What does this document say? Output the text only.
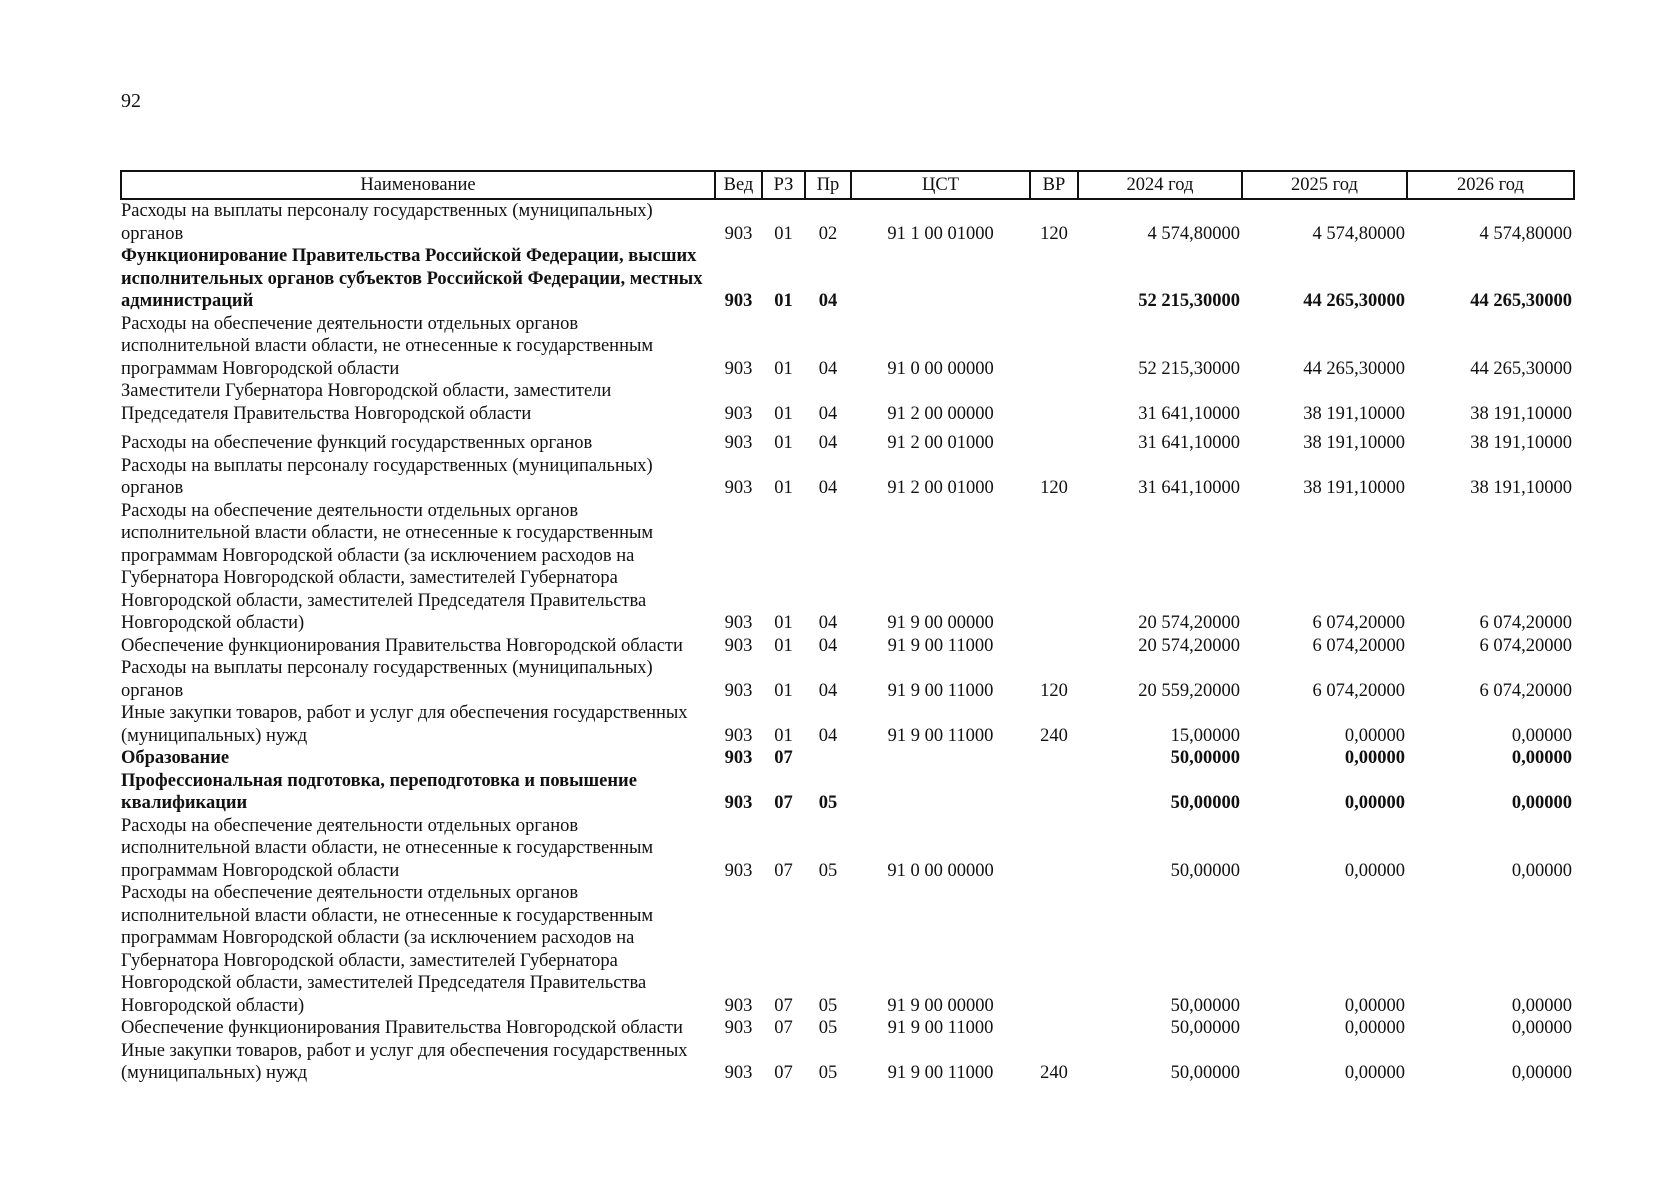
92
Наименование	Вед	РЗ	Пр	ЦСТ	ВР	2024 год	2025 год	2026 год
Расходы на выплаты персоналу государственных (муниципальных) органов	903	01	02	91 1 00 01000	120	4 574,80000	4 574,80000	4 574,80000
Функционирование Правительства Российской Федерации, высших исполнительных органов субъектов Российской Федерации, местных администраций	903	01	04			52 215,30000	44 265,30000	44 265,30000
Расходы на обеспечение деятельности отдельных органов исполнительной власти области, не отнесенные к государственным программам Новгородской области	903	01	04	91 0 00 00000		52 215,30000	44 265,30000	44 265,30000
Заместители Губернатора Новгородской области, заместители Председателя Правительства Новгородской области	903	01	04	91 2 00 00000		31 641,10000	38 191,10000	38 191,10000
Расходы на обеспечение функций государственных органов	903	01	04	91 2 00 01000		31 641,10000	38 191,10000	38 191,10000
Расходы на выплаты персоналу государственных (муниципальных) органов	903	01	04	91 2 00 01000	120	31 641,10000	38 191,10000	38 191,10000
Расходы на обеспечение деятельности отдельных органов исполнительной власти области, не отнесенные к государственным программам Новгородской области (за исключением расходов на Губернатора Новгородской области, заместителей Губернатора Новгородской области, заместителей Председателя Правительства Новгородской области)	903	01	04	91 9 00 00000		20 574,20000	6 074,20000	6 074,20000
Обеспечение функционирования Правительства Новгородской области	903	01	04	91 9 00 11000		20 574,20000	6 074,20000	6 074,20000
Расходы на выплаты персоналу государственных (муниципальных) органов	903	01	04	91 9 00 11000	120	20 559,20000	6 074,20000	6 074,20000
Иные закупки товаров, работ и услуг для обеспечения государственных (муниципальных) нужд	903	01	04	91 9 00 11000	240	15,00000	0,00000	0,00000
Образование	903	07				50,00000	0,00000	0,00000
Профессиональная подготовка, переподготовка и повышение квалификации	903	07	05			50,00000	0,00000	0,00000
Расходы на обеспечение деятельности отдельных органов исполнительной власти области, не отнесенные к государственным программам Новгородской области	903	07	05	91 0 00 00000		50,00000	0,00000	0,00000
Расходы на обеспечение деятельности отдельных органов исполнительной власти области, не отнесенные к государственным программам Новгородской области (за исключением расходов на Губернатора Новгородской области, заместителей Губернатора Новгородской области, заместителей Председателя Правительства Новгородской области)	903	07	05	91 9 00 00000		50,00000	0,00000	0,00000
Обеспечение функционирования Правительства Новгородской области	903	07	05	91 9 00 11000		50,00000	0,00000	0,00000
Иные закупки товаров, работ и услуг для обеспечения государственных (муниципальных) нужд	903	07	05	91 9 00 11000	240	50,00000	0,00000	0,00000
